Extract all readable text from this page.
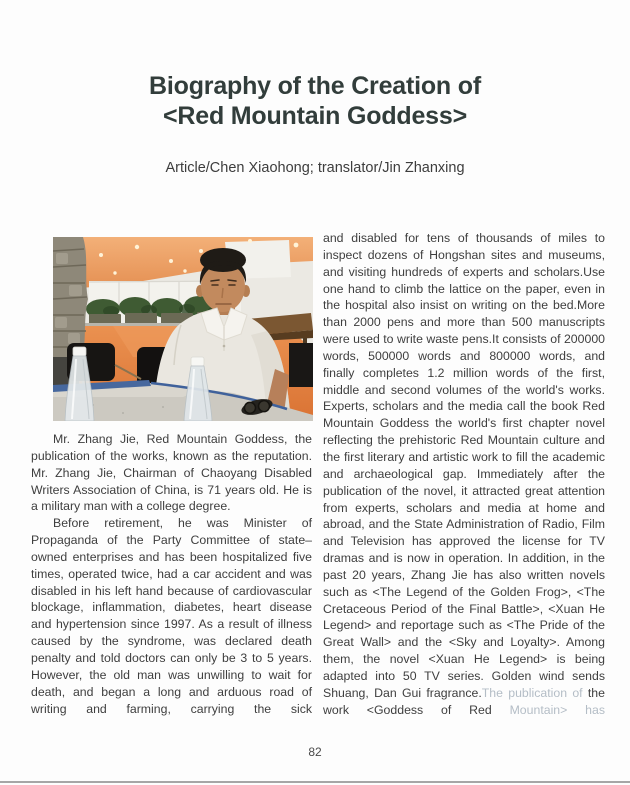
Biography of the Creation of
<Red Mountain Goddess>
Article/Chen Xiaohong; translator/Jin Zhanxing

Mr. Zhang Jie, Red Mountain Goddess, the publication of the works, known as the reputation. Mr. Zhang Jie, Chairman of Chaoyang Disabled Writers Association of China, is 71 years old. He is a military man with a college degree.

Before retirement, he was Minister of Propaganda of the Party Committee of state–owned enterprises and has been hospitalized five times, operated twice, had a car accident and was disabled in his left hand because of cardiovascular blockage, inflammation, diabetes, heart disease and hypertension since 1997. As a result of illness caused by the syndrome, was declared death penalty and told doctors can only be 3 to 5 years. However, the old man was unwilling to wait for death, and began a long and arduous road of writing and farming, carrying the sick

and disabled for tens of thousands of miles to inspect dozens of Hongshan sites and museums, and visiting hundreds of experts and scholars.Use one hand to climb the lattice on the paper, even in the hospital also insist on writing on the bed.More than 2000 pens and more than 500 manuscripts were used to write waste pens.It consists of 200000 words, 500000 words and 800000 words, and finally completes 1.2 million words of the first, middle and second volumes of the world's works. Experts, scholars and the media call the book Red Mountain Goddess the world's first chapter novel reflecting the prehistoric Red Mountain culture and the first literary and artistic work to fill the academic and archaeological gap. Immediately after the publication of the novel, it attracted great attention from experts, scholars and media at home and abroad, and the State Administration of Radio, Film and Television has approved the license for TV dramas and is now in operation. In addition, in the past 20 years, Zhang Jie has also written novels such as <The Legend of the Golden Frog>, <The Cretaceous Period of the Final Battle>, <Xuan He Legend> and reportage such as <The Pride of the Great Wall> and the <Sky and Loyalty>. Among them, the novel <Xuan He Legend> is being adapted into 50 TV series. Golden wind sends Shuang, Dan Gui fragrance.The publication of the work <Goddess of Red Mountain> has

82
